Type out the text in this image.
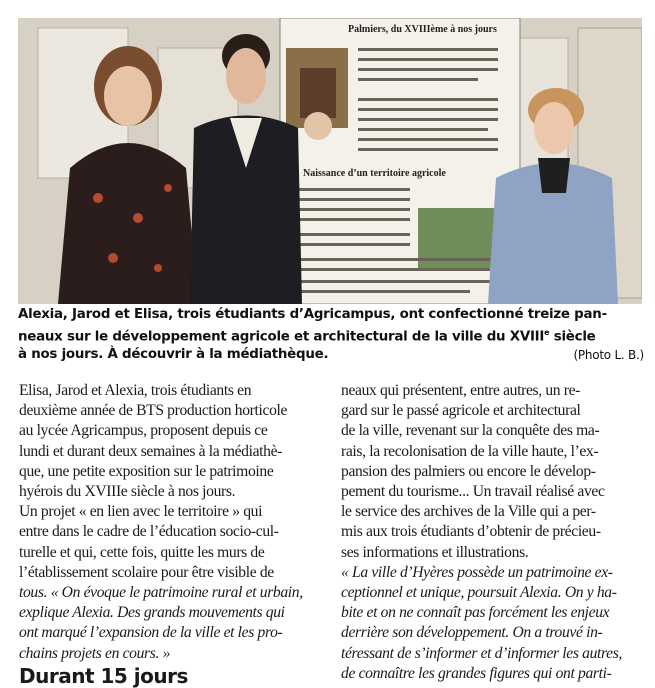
Palmiers, du XVIIIème à nos jours
Naissance d’un territoire agricole
Alexia, Jarod et Elisa, trois étudiants d’Agricampus, ont confectionné treize pan-
neaux sur le développement agricole et architectural de la ville du XVIIIe siècle
à nos jours. À découvrir à la médiathèque.	(Photo L. B.)
Elisa, Jarod et Alexia, trois étudiants en
deuxième année de BTS production horticole
au lycée Agricampus, proposent depuis ce
lundi et durant deux semaines à la médiathè-
que, une petite exposition sur le patrimoine
hyérois du XVIIIe siècle à nos jours.
Un projet « en lien avec le territoire » qui
entre dans le cadre de l’éducation socio-cul-
turelle et qui, cette fois, quitte les murs de
l’établissement scolaire pour être visible de
tous. « On évoque le patrimoine rural et urbain,
explique Alexia. Des grands mouvements qui
ont marqué l’expansion de la ville et les pro-
chains projets en cours. »
neaux qui présentent, entre autres, un re-
gard sur le passé agricole et architectural
de la ville, revenant sur la conquête des ma-
rais, la recolonisation de la ville haute, l’ex-
pansion des palmiers ou encore le dévelop-
pement du tourisme... Un travail réalisé avec
le service des archives de la Ville qui a per-
mis aux trois étudiants d’obtenir de précieu-
ses informations et illustrations.
« La ville d’Hyères possède un patrimoine ex-
ceptionnel et unique, poursuit Alexia. On y ha-
bite et on ne connaît pas forcément les enjeux
derrière son développement. On a trouvé in-
téressant de s’informer et d’informer les autres,
de connaître les grandes figures qui ont parti-
Durant 15 jours
